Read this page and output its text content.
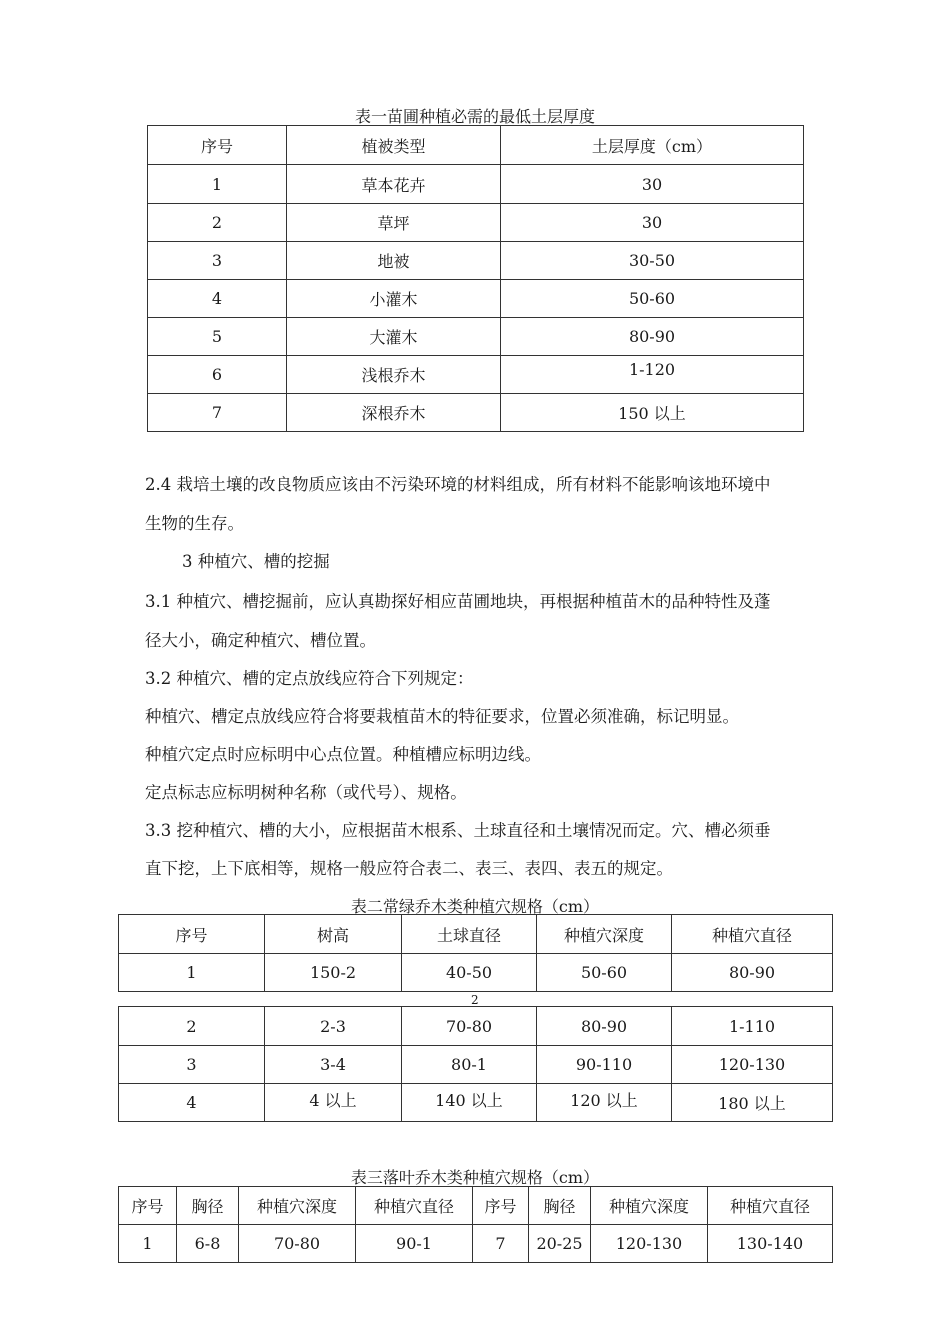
表一苗圃种植必需的最低土层厚度
序号	植被类型	土层厚度（cm）
1	草本花卉	30
2	草坪	30
3	地被	30-50
4	小灌木	50-60
5	大灌木	80-90
6	浅根乔木	1-120
7	深根乔木	150 以上
2.4 栽培土壤的改良物质应该由不污染环境的材料组成，所有材料不能影响该地环境中
生物的生存。
3 种植穴、槽的挖掘
3.1 种植穴、槽挖掘前，应认真勘探好相应苗圃地块，再根据种植苗木的品种特性及蓬
径大小，确定种植穴、槽位置。
3.2 种植穴、槽的定点放线应符合下列规定：
种植穴、槽定点放线应符合将要栽植苗木的特征要求，位置必须准确，标记明显。
种植穴定点时应标明中心点位置。种植槽应标明边线。
定点标志应标明树种名称（或代号）、规格。
3.3 挖种植穴、槽的大小，应根据苗木根系、土球直径和土壤情况而定。穴、槽必须垂
直下挖，上下底相等，规格一般应符合表二、表三、表四、表五的规定。
表二常绿乔木类种植穴规格（cm）
序号	树高	土球直径	种植穴深度	种植穴直径
1	150-2	40-50	50-60	80-90
2
2	2-3	70-80	80-90	1-110
3	3-4	80-1	90-110	120-130
4	4 以上	140 以上	120 以上	180 以上
表三落叶乔木类种植穴规格（cm）
序号	胸径	种植穴深度	种植穴直径	序号	胸径	种植穴深度	种植穴直径
1	6-8	70-80	90-1	7	20-25	120-130	130-140
